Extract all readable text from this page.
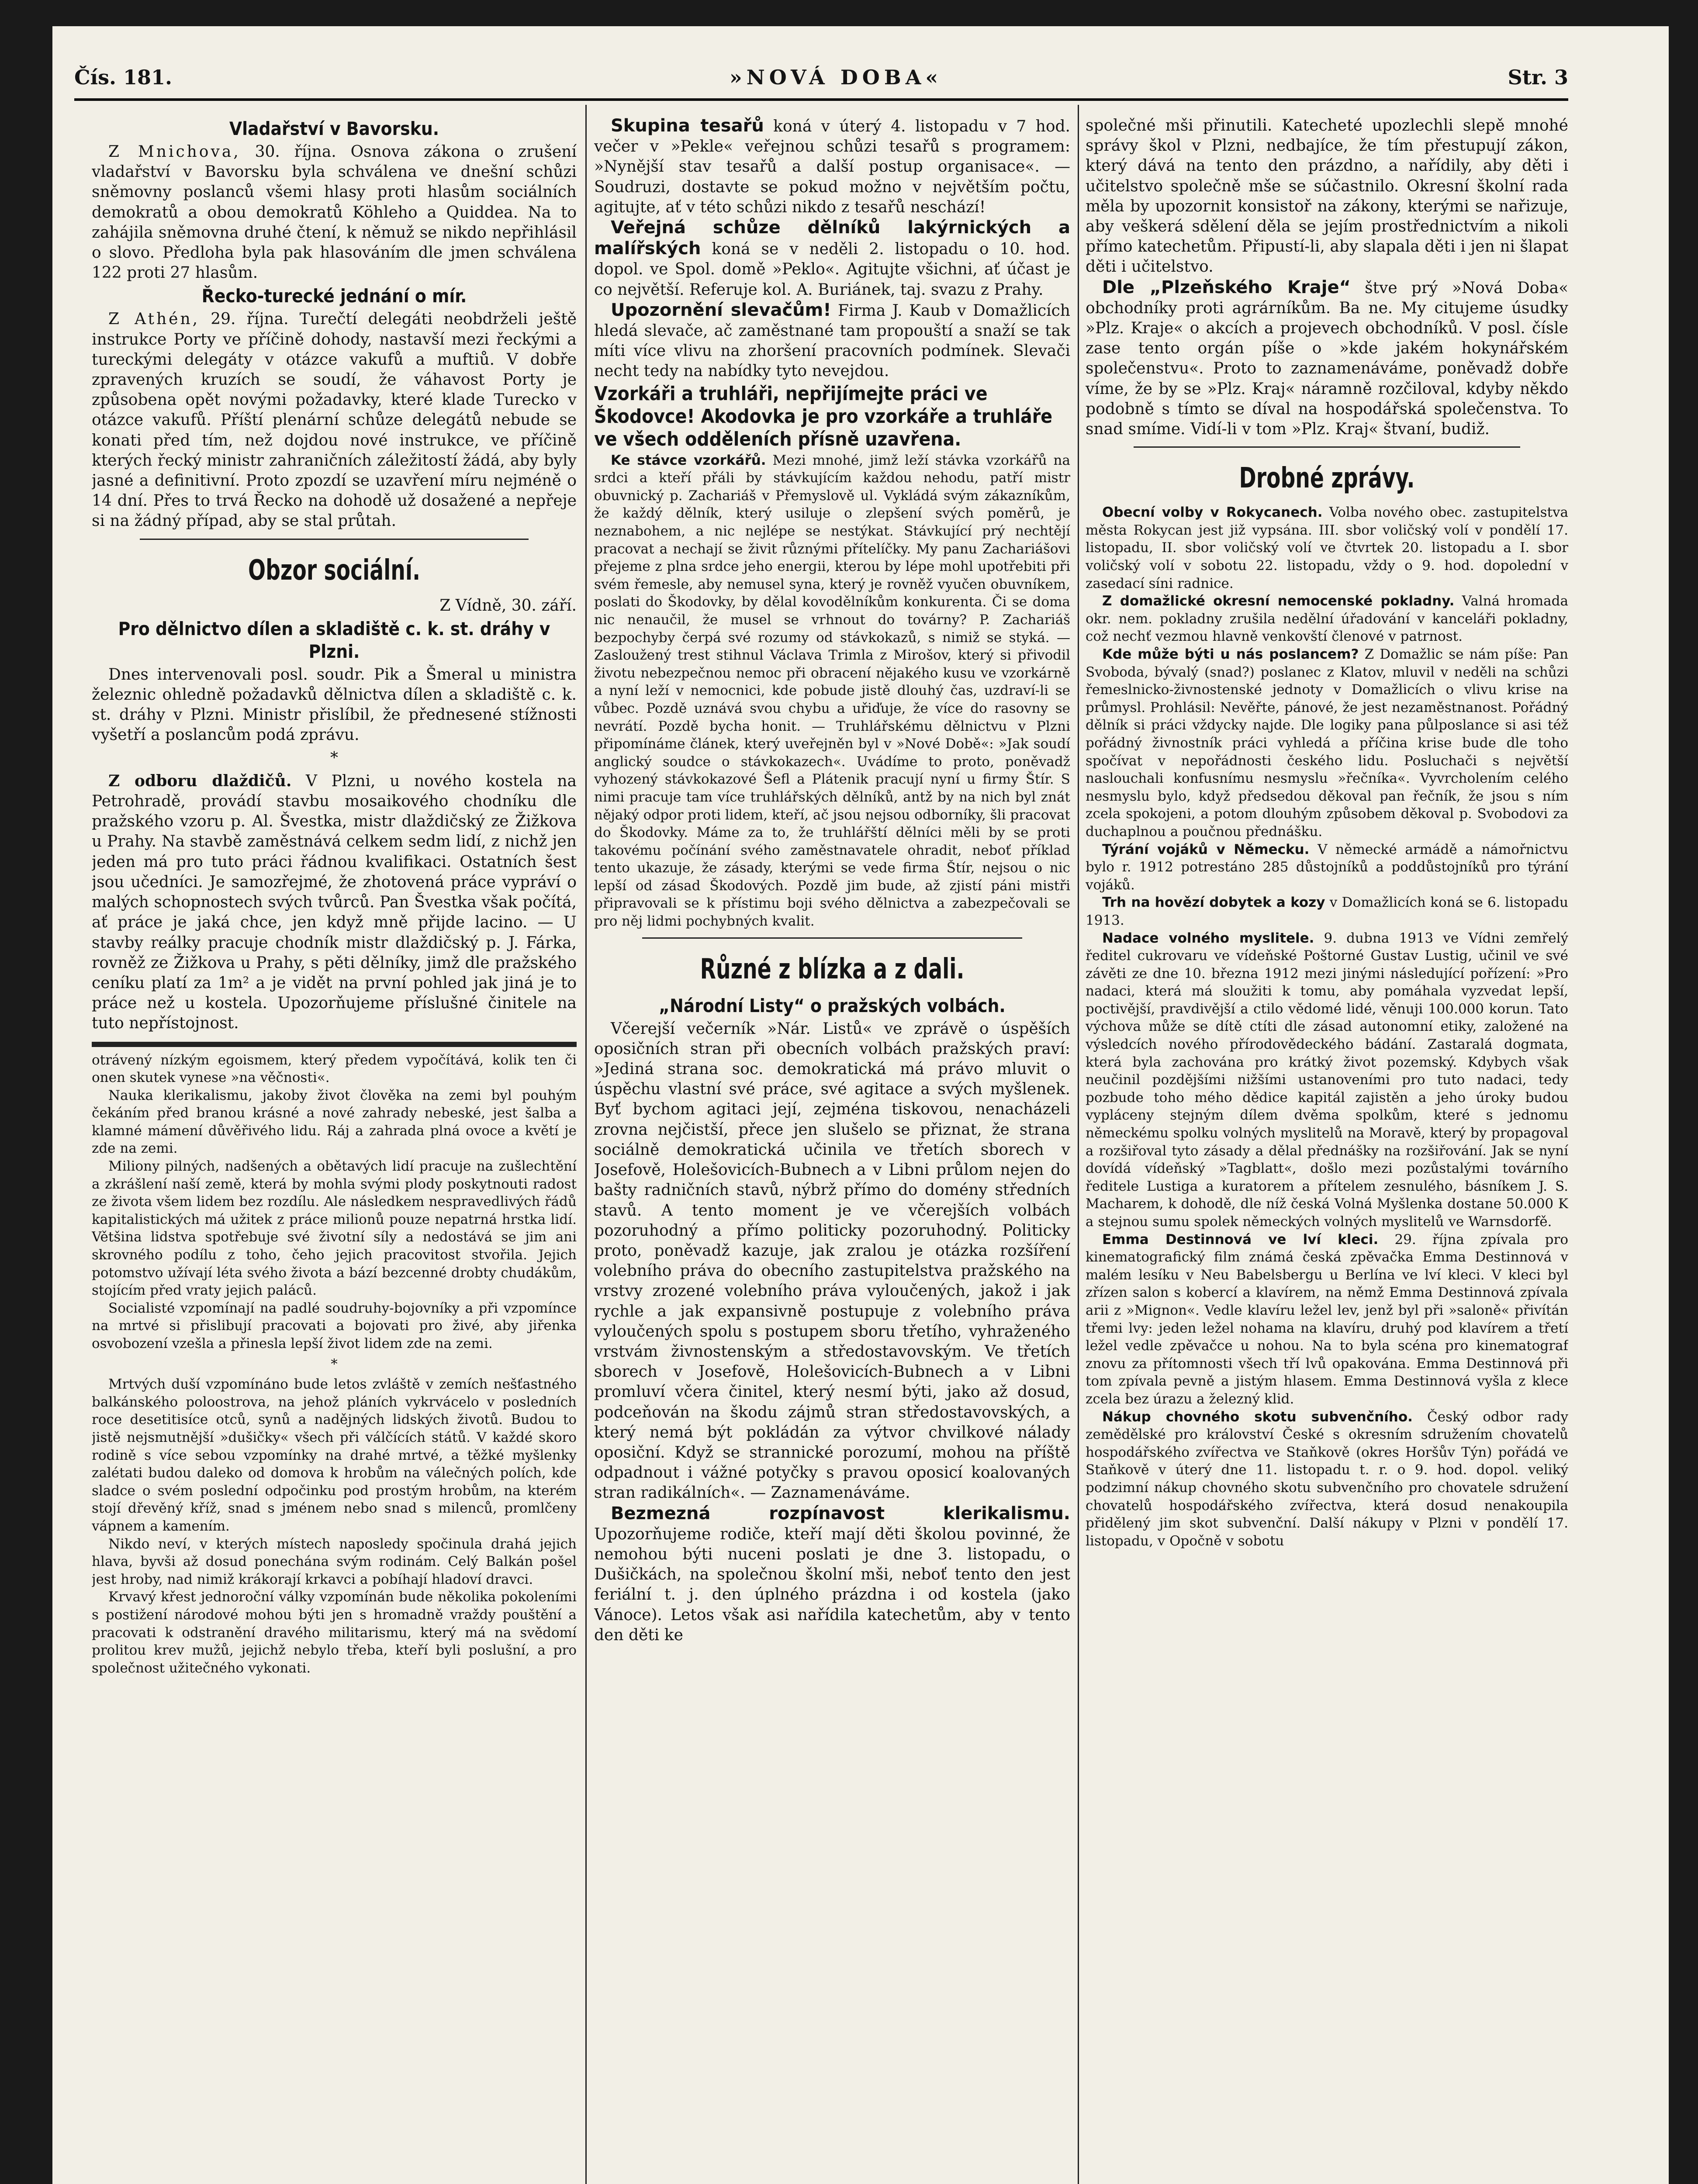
Čís. 181.	»NOVÁ DOBA«	Str. 3
Vladařství v Bavorsku.

Z Mnichova, 30. října. Osnova zákona o zrušení vladařství v Bavorsku byla schválena ve dnešní schůzi sněmovny poslanců všemi hlasy proti hlasům sociálních demokratů a obou demokratů Köhleho a Quiddea. Na to zahájila sněmovna druhé čtení, k němuž se nikdo nepřihlásil o slovo. Předloha byla pak hlasováním dle jmen schválena 122 proti 27 hlasům.

Řecko-turecké jednání o mír.

Z Athén, 29. října. Turečtí delegáti neobdrželi ještě instrukce Porty ve příčině dohody, nastavší mezi řeckými a tureckými delegáty v otázce vakufů a muftiů. V dobře zpravených kruzích se soudí, že váhavost Porty je způsobena opět novými požadavky, které klade Turecko v otázce vakufů. Příští plenární schůze delegátů nebude se konati před tím, než dojdou nové instrukce, ve příčině kterých řecký ministr zahraničních záležitostí žádá, aby byly jasné a definitivní. Proto zpozdí se uzavření míru nejméně o 14 dní. Přes to trvá Řecko na dohodě už dosažené a nepřeje si na žádný případ, aby se stal průtah.

Obzor sociální.

Z Vídně, 30. září.

Pro dělnictvo dílen a skladiště c. k. st. dráhy v Plzni.

Dnes intervenovali posl. soudr. Pik a Šmeral u ministra železnic ohledně požadavků dělnictva dílen a skladiště c. k. st. dráhy v Plzni. Ministr přislíbil, že přednesené stížnosti vyšetří a poslancům podá zprávu.

*

Z odboru dlaždičů. V Plzni, u nového kostela na Petrohradě, provádí stavbu mosaikového chodníku dle pražského vzoru p. Al. Švestka, mistr dlaždičský ze Žižkova u Prahy. Na stavbě zaměstnává celkem sedm lidí, z nichž jen jeden má pro tuto práci řádnou kvalifikaci. Ostatních šest jsou učedníci. Je samozřejmé, že zhotovená práce vypráví o malých schopnostech svých tvůrců. Pan Švestka však počítá, ať práce je jaká chce, jen když mně přijde lacino. — U stavby reálky pracuje chodník mistr dlaždičský p. J. Fárka, rovněž ze Žižkova u Prahy, s pěti dělníky, jimž dle pražského ceníku platí za 1m² a je vidět na první pohled jak jiná je to práce než u kostela. Upozorňujeme příslušné činitele na tuto nepřístojnost.

otrávený nízkým egoismem, který předem vypočítává, kolik ten či onen skutek vynese »na věčnosti«.

Nauka klerikalismu, jakoby život člověka na zemi byl pouhým čekáním před branou krásné a nové zahrady nebeské, jest šalba a klamné mámení důvěřivého lidu. Ráj a zahrada plná ovoce a květí je zde na zemi.

Miliony pilných, nadšených a obětavých lidí pracuje na zušlechtění a zkrášlení naší země, která by mohla svými plody poskytnouti radost ze života všem lidem bez rozdílu. Ale následkem nespravedlivých řádů kapitalistických má užitek z práce milionů pouze nepatrná hrstka lidí. Většina lidstva spotřebuje své životní síly a nedostává se jim ani skrovného podílu z toho, čeho jejich pracovitost stvořila. Jejich potomstvo užívají léta svého života a bází bezcenné drobty chudákům, stojícím před vraty jejich paláců.

Socialisté vzpomínají na padlé soudruhy-bojovníky a při vzpomínce na mrtvé si přislibují pracovati a bojovati pro živé, aby jiřenka osvobození vzešla a přinesla lepší život lidem zde na zemi.

*

Mrtvých duší vzpomínáno bude letos zvláště v zemích nešťastného balkánského poloostrova, na jehož pláních vykrvácelo v posledních roce desetitisíce otců, synů a nadějných lidských životů. Budou to jistě nejsmutnější »dušičky« všech při válčících států. V každé skoro rodině s více sebou vzpomínky na drahé mrtvé, a těžké myšlenky zalétati budou daleko od domova k hrobům na válečných polích, kde sladce o svém poslední odpočinku pod prostým hrobům, na kterém stojí dřevěný kříž, snad s jménem nebo snad s milenců, promlčeny vápnem a kamením.

Nikdo neví, v kterých místech naposledy spočinula drahá jejich hlava, byvši až dosud ponechána svým rodinám. Celý Balkán pošel jest hroby, nad nimiž krákorají krkavci a pobíhají hladoví dravci.

Krvavý křest jednoroční války vzpomínán bude několika pokoleními s postižení národové mohou býti jen s hromadně vraždy pouštění a pracovati k odstranění dravého militarismu, který má na svědomí prolitou krev mužů, jejichž nebylo třeba, kteří byli poslušní, a pro společnost užitečného vykonati.

Skupina tesařů koná v úterý 4. listopadu v 7 hod. večer v »Pekle« veřejnou schůzi tesařů s programem: »Nynější stav tesařů a další postup organisace«. — Soudruzi, dostavte se pokud možno v největším počtu, agitujte, ať v této schůzi nikdo z tesařů neschází!

Veřejná schůze dělníků lakýrnických a malířských koná se v neděli 2. listopadu o 10. hod. dopol. ve Spol. domě »Peklo«. Agitujte všichni, ať účast je co největší. Referuje kol. A. Buriánek, taj. svazu z Prahy.

Upozornění slevačům! Firma J. Kaub v Domažlicích hledá slevače, ač zaměstnané tam propouští a snaží se tak míti více vlivu na zhoršení pracovních podmínek. Slevači necht tedy na nabídky tyto nevejdou.

Vzorkáři a truhláři, nepřijímejte práci ve Škodovce! Akodovka je pro vzorkáře a truhláře ve všech odděleních přísně uzavřena.

Ke stávce vzorkářů. Mezi mnohé, jimž leží stávka vzorkářů na srdci a kteří přáli by stávkujícím každou nehodu, patří mistr obuvnický p. Zachariáš v Přemyslově ul. Vykládá svým zákazníkům, že každý dělník, který usiluje o zlepšení svých poměrů, je neznabohem, a nic nejlépe se nestýkat. Stávkující prý nechtějí pracovat a nechají se živit různými přítelíčky. My panu Zachariášovi přejeme z plna srdce jeho energii, kterou by lépe mohl upotřebiti při svém řemesle, aby nemusel syna, který je rovněž vyučen obuvníkem, poslati do Škodovky, by dělal kovodělníkům konkurenta. Či se doma nic nenaučil, že musel se vrhnout do továrny? P. Zachariáš bezpochyby čerpá své rozumy od stávkokazů, s nimiž se styká. — Zasloužený trest stihnul Václava Trimla z Mirošov, který si přivodil životu nebezpečnou nemoc při obracení nějakého kusu ve vzorkárně a nyní leží v nemocnici, kde pobude jistě dlouhý čas, uzdraví-li se vůbec. Pozdě uznává svou chybu a uřiďuje, že více do rasovny se nevrátí. Pozdě bycha honit. — Truhlářskému dělnictvu v Plzni připomínáme článek, který uveřejněn byl v »Nové Době«: »Jak soudí anglický soudce o stávkokazech«. Uvádíme to proto, poněvadž vyhozený stávkokazové Šefl a Plátenik pracují nyní u firmy Štír. S nimi pracuje tam více truhlářských dělníků, antž by na nich byl znát nějaký odpor proti lidem, kteří, ač jsou nejsou odborníky, šli pracovat do Škodovky. Máme za to, že truhlářští dělníci měli by se proti takovému počínání svého zaměstnavatele ohradit, neboť příklad tento ukazuje, že zásady, kterými se vede firma Štír, nejsou o nic lepší od zásad Škodových. Pozdě jim bude, až zjistí páni mistři připravovali se k přístimu boji svého dělnictva a zabezpečovali se pro něj lidmi pochybných kvalit.

Různé z blízka a z dali.
„Národní Listy“ o pražských volbách.

Včerejší večerník »Nár. Listů« ve zprávě o úspěších oposičních stran při obecních volbách pražských praví: »Jediná strana soc. demokratická má právo mluvit o úspěchu vlastní své práce, své agitace a svých myšlenek. Byť bychom agitaci její, zejména tiskovou, nenacházeli zrovna nejčistší, přece jen slušelo se přiznat, že strana sociálně demokratická učinila ve třetích sborech v Josefově, Holešovicích-Bubnech a v Libni průlom nejen do bašty radničních stavů, nýbrž přímo do domény středních stavů. A tento moment je ve včerejších volbách pozoruhodný a přímo politicky pozoruhodný. Politicky proto, poněvadž kazuje, jak zralou je otázka rozšíření volebního práva do obecního zastupitelstva pražského na vrstvy zrozené volebního práva vyloučených, jakož i jak rychle a jak expansivně postupuje z volebního práva vyloučených spolu s postupem sboru třetího, vyhraženého vrstvám živnostenským a středostavovským. Ve třetích sborech v Josefově, Holešovicích-Bubnech a v Libni promluví včera činitel, který nesmí býti, jako až dosud, podceňován na škodu zájmů stran středostavovských, a který nemá být pokládán za výtvor chvilkové nálady oposiční. Když se strannické porozumí, mohou na příště odpadnout i vážné potyčky s pravou oposicí koalovaných stran radikálních«. — Zaznamenáváme.

Bezmezná rozpínavost klerikalismu. Upozorňujeme rodiče, kteří mají děti školou povinné, že nemohou býti nuceni poslati je dne 3. listopadu, o Dušičkách, na společnou školní mši, neboť tento den jest feriální t. j. den úplného prázdna i od kostela (jako Vánoce). Letos však asi nařídila katechetům, aby v tento den děti ke

společné mši přinutili. Katecheté upozlechli slepě mnohé správy škol v Plzni, nedbajíce, že tím přestupují zákon, který dává na tento den prázdno, a nařídily, aby děti i učitelstvo společně mše se súčastnilo. Okresní školní rada měla by upozornit konsistoř na zákony, kterými se nařizuje, aby veškerá sdělení děla se jejím prostřednictvím a nikoli přímo katechetům. Připustí-li, aby slapala děti i jen ni šlapat děti i učitelstvo.

Dle „Plzeňského Kraje“ štve prý »Nová Doba« obchodníky proti agrárníkům. Ba ne. My citujeme úsudky »Plz. Kraje« o akcích a projevech obchodníků. V posl. čísle zase tento orgán píše o »kde jakém hokynářském společenstvu«. Proto to zaznamenáváme, poněvadž dobře víme, že by se »Plz. Kraj« náramně rozčiloval, kdyby někdo podobně s tímto se díval na hospodářská společenstva. To snad smíme. Vidí-li v tom »Plz. Kraj« štvaní, budiž.

Drobné zprávy.

Obecní volby v Rokycanech. Volba nového obec. zastupitelstva města Rokycan jest již vypsána. III. sbor voličský volí v pondělí 17. listopadu, II. sbor voličský volí ve čtvrtek 20. listopadu a I. sbor voličský volí v sobotu 22. listopadu, vždy o 9. hod. dopolední v zasedací síni radnice.

Z domažlické okresní nemocenské pokladny. Valná hromada okr. nem. pokladny zrušila nedělní úřadování v kanceláři pokladny, což nechť vezmou hlavně venkovští členové v patrnost.

Kde může býti u nás poslancem? Z Domažlic se nám píše: Pan Svoboda, bývalý (snad?) poslanec z Klatov, mluvil v neděli na schůzi řemeslnicko-živnostenské jednoty v Domažlicích o vlivu krise na průmysl. Prohlásil: Nevěřte, pánové, že jest nezaměstnanost. Pořádný dělník si práci vždycky najde. Dle logiky pana půlposlance si asi též pořádný živnostník práci vyhledá a příčina krise bude dle toho spočívat v nepořádnosti českého lidu. Posluchači s největší naslouchali konfusnímu nesmyslu »řečníka«. Vyvrcholením celého nesmyslu bylo, když předsedou děkoval pan řečník, že jsou s ním zcela spokojeni, a potom dlouhým způsobem děkoval p. Svobodovi za duchaplnou a poučnou přednášku.

Týrání vojáků v Německu. V německé armádě a námořnictvu bylo r. 1912 potrestáno 285 důstojníků a poddůstojníků pro týrání vojáků.

Trh na hovězí dobytek a kozy v Domažlicích koná se 6. listopadu 1913.

Nadace volného myslitele. 9. dubna 1913 ve Vídni zemřelý ředitel cukrovaru ve vídeňské Poštorné Gustav Lustig, učinil ve své závěti ze dne 10. března 1912 mezi jinými následující pořízení: »Pro nadaci, která má sloužiti k tomu, aby pomáhala vyzvedat lepší, poctivější, pravdivější a ctilo vědomé lidé, věnuji 100.000 korun. Tato výchova může se dítě ctíti dle zásad autonomní etiky, založené na výsledcích nového přírodovědeckého bádání. Zastaralá dogmata, která byla zachována pro krátký život pozemský. Kdybych však neučinil pozdějšími nižšími ustanoveními pro tuto nadaci, tedy pozbude toho mého dědice kapitál zajistěn a jeho úroky budou vypláceny stejným dílem dvěma spolkům, které s jednomu německému spolku volných myslitelů na Moravě, který by propagoval a rozšiřoval tyto zásady a dělal přednášky na rozšiřování. Jak se nyní dovídá vídeňský »Tagblatt«, došlo mezi pozůstalými továrního ředitele Lustiga a kuratorem a přítelem zesnulého, básníkem J. S. Macharem, k dohodě, dle níž česká Volná Myšlenka dostane 50.000 K a stejnou sumu spolek německých volných myslitelů ve Warnsdorfě.

Emma Destinnová ve lví kleci. 29. října zpívala pro kinematografický film známá česká zpěvačka Emma Destinnová v malém lesíku v Neu Babelsbergu u Berlína ve lví kleci. V kleci byl zřízen salon s kobercí a klavírem, na němž Emma Destinnová zpívala arii z »Mignon«. Vedle klavíru ležel lev, jenž byl při »saloně« přivítán třemi lvy: jeden ležel nohama na klavíru, druhý pod klavírem a třetí ležel vedle zpěvačce u nohou. Na to byla scéna pro kinematograf znovu za přítomnosti všech tří lvů opakována. Emma Destinnová při tom zpívala pevně a jistým hlasem. Emma Destinnová vyšla z klece zcela bez úrazu a železný klid.

Nákup chovného skotu subvenčního. Český odbor rady zemědělské pro království České s okresním sdružením chovatelů hospodářského zvířectva ve Staňkově (okres Horšův Týn) pořádá ve Staňkově v úterý dne 11. listopadu t. r. o 9. hod. dopol. veliký podzimní nákup chovného skotu subvenčního pro chovatele sdružení chovatelů hospodářského zvířectva, která dosud nenakoupila přidělený jim skot subvenční. Další nákupy v Plzni v pondělí 17. listopadu, v Opočně v sobotu
